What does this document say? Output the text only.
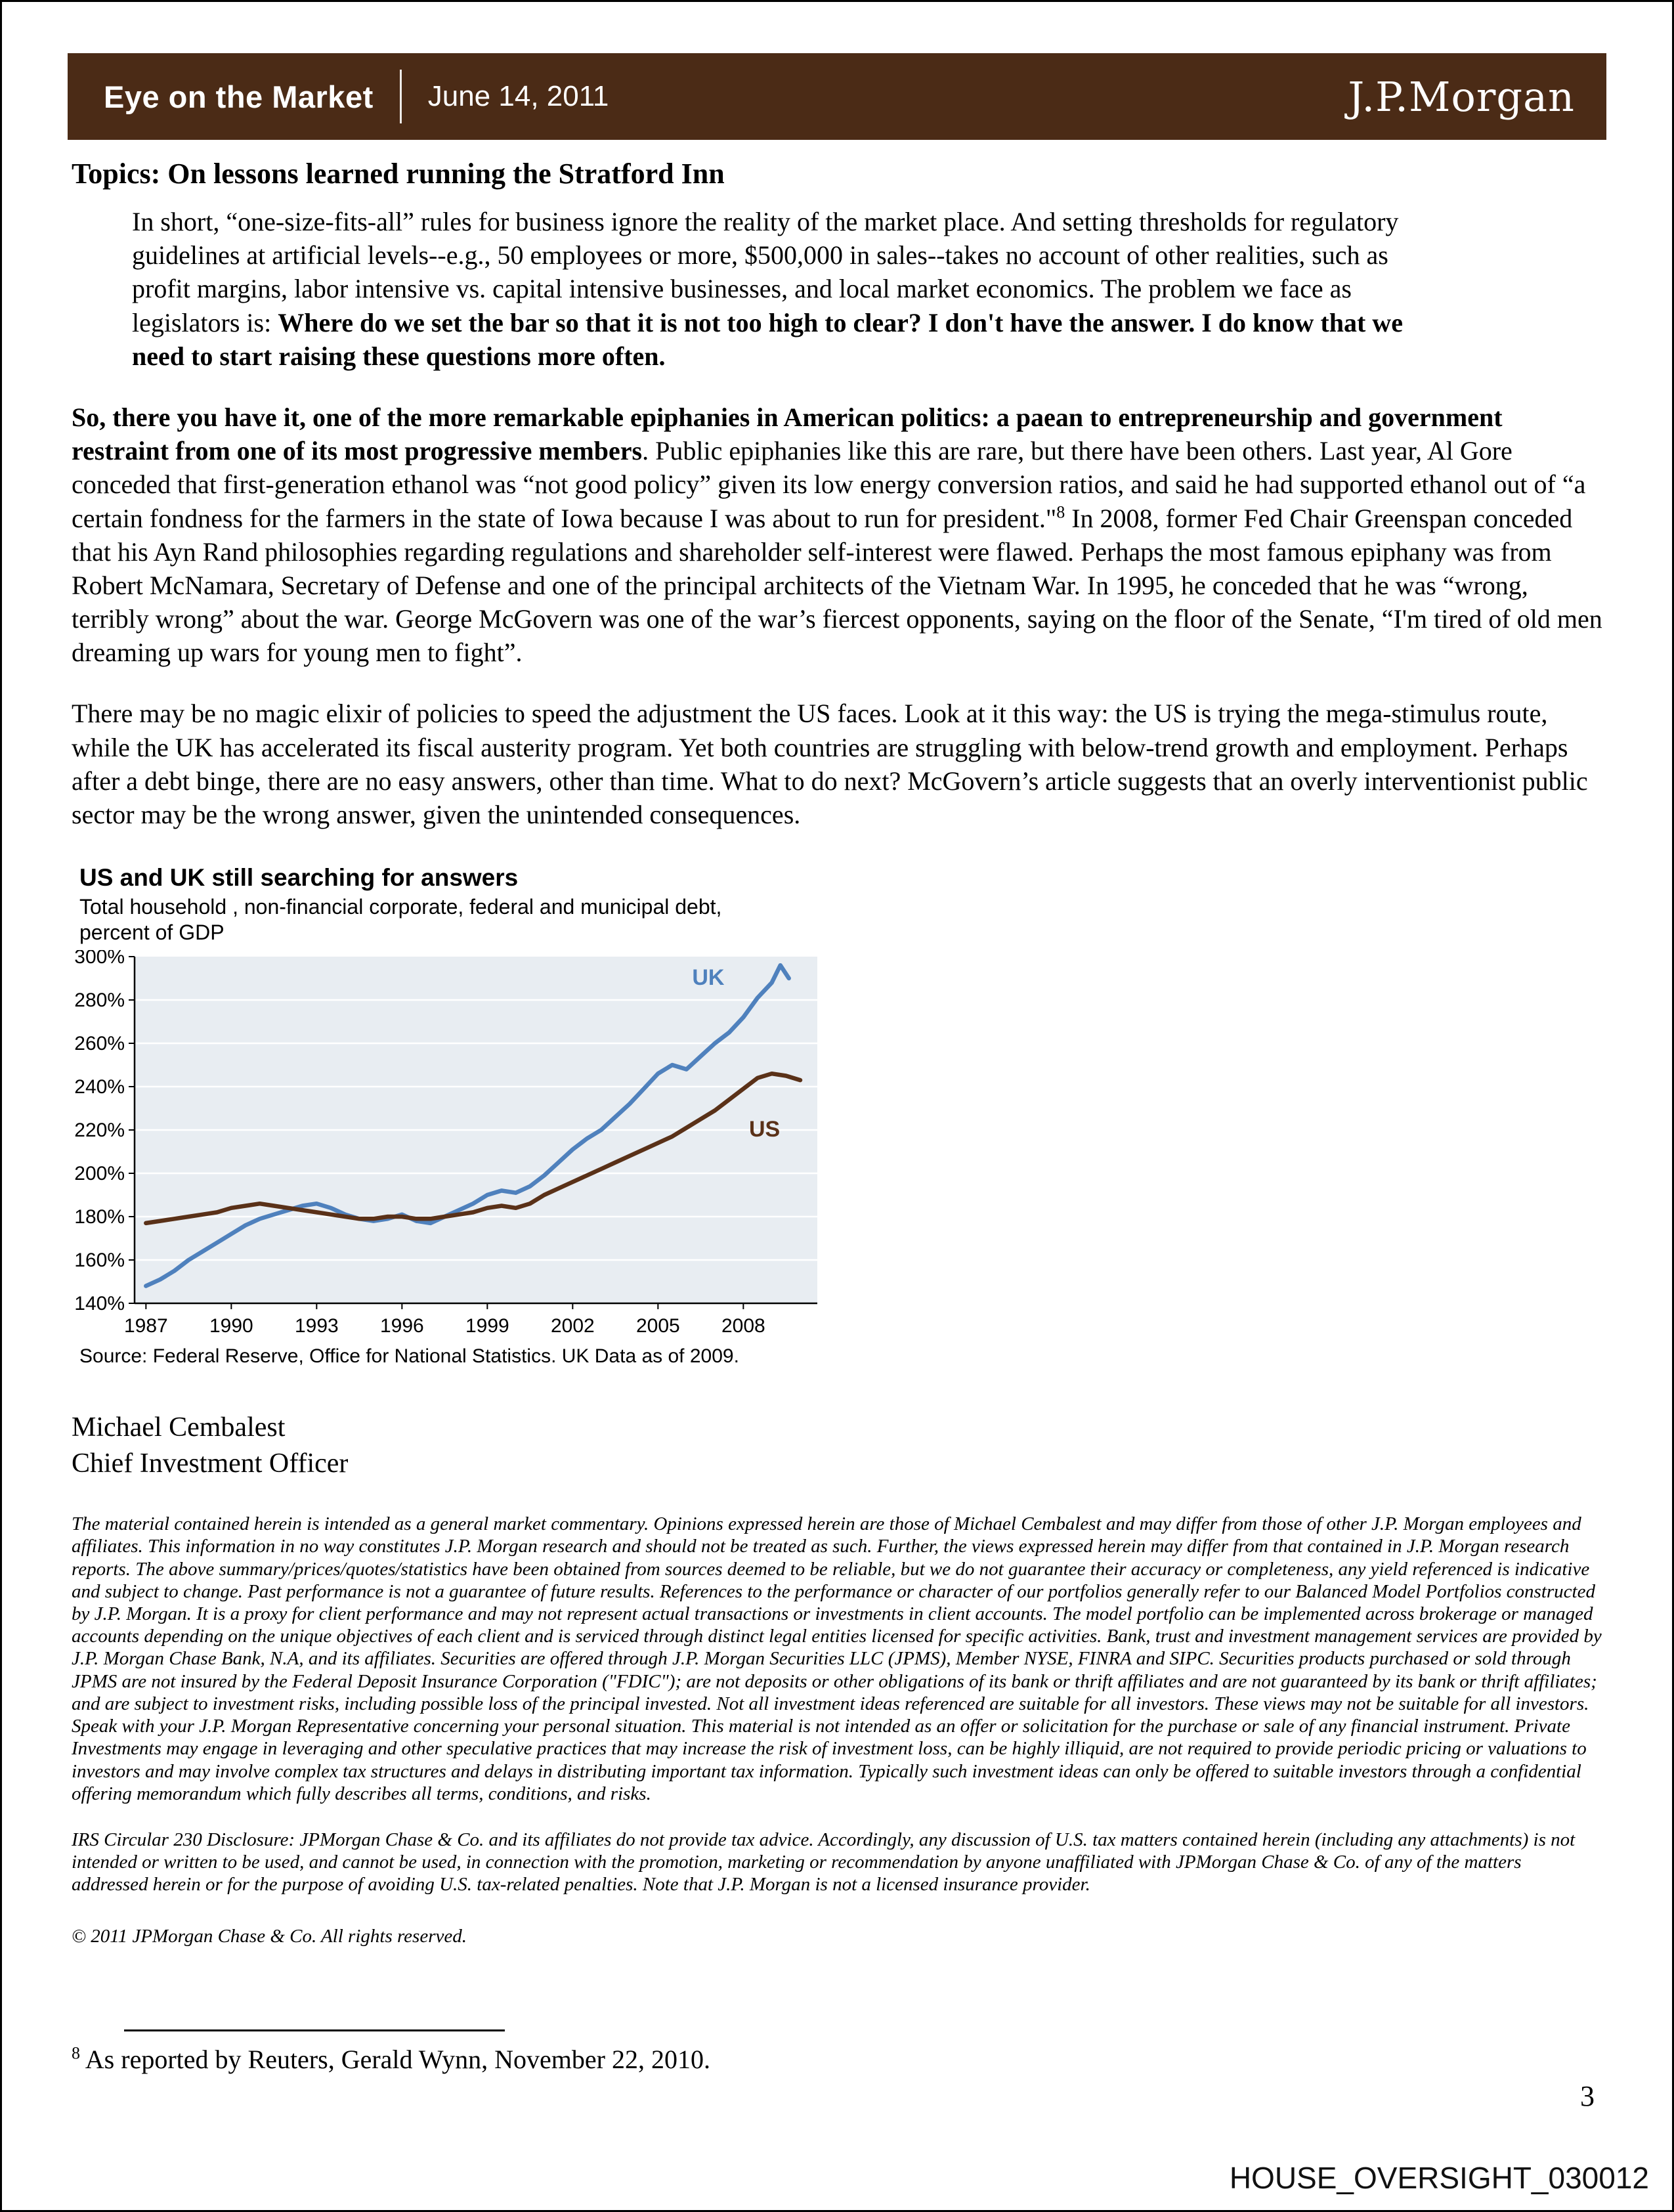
Eye on the Market June 14, 2011	J.P.Morgan
Topics: On lessons learned running the Stratford Inn

In short, “one-size-fits-all” rules for business ignore the reality of the market place. And setting thresholds for regulatory guidelines at artificial levels--e.g., 50 employees or more, $500,000 in sales--takes no account of other realities, such as profit margins, labor intensive vs. capital intensive businesses, and local market economics. The problem we face as legislators is: Where do we set the bar so that it is not too high to clear? I don't have the answer. I do know that we need to start raising these questions more often.

So, there you have it, one of the more remarkable epiphanies in American politics: a paean to entrepreneurship and government restraint from one of its most progressive members. Public epiphanies like this are rare, but there have been others. Last year, Al Gore conceded that first-generation ethanol was “not good policy” given its low energy conversion ratios, and said he had supported ethanol out of “a certain fondness for the farmers in the state of Iowa because I was about to run for president."$^8$ In 2008, former Fed Chair Greenspan conceded that his Ayn Rand philosophies regarding regulations and shareholder self-interest were flawed. Perhaps the most famous epiphany was from Robert McNamara, Secretary of Defense and one of the principal architects of the Vietnam War. In 1995, he conceded that he was “wrong, terribly wrong” about the war. George McGovern was one of the war’s fiercest opponents, saying on the floor of the Senate, “I'm tired of old men dreaming up wars for young men to fight”.

There may be no magic elixir of policies to speed the adjustment the US faces. Look at it this way: the US is trying the mega-stimulus route, while the UK has accelerated its fiscal austerity program. Yet both countries are struggling with below-trend growth and employment. Perhaps after a debt binge, there are no easy answers, other than time. What to do next? McGovern’s article suggests that an overly interventionist public sector may be the wrong answer, given the unintended consequences.

US and UK still searching for answers
Total household , non-financial corporate, federal and municipal debt,
percent of GDP
140%
160%
180%
200%
220%
240%
260%
280%
300%
1987 1990 1993 1996 1999 2002 2005 2008
UK
US
Source: Federal Reserve, Office for National Statistics. UK Data as of 2009.
Michael Cembalest
Chief Investment Officer

The material contained herein is intended as a general market commentary. Opinions expressed herein are those of Michael Cembalest and may differ from those of other J.P. Morgan employees and affiliates. This information in no way constitutes J.P. Morgan research and should not be treated as such. Further, the views expressed herein may differ from that contained in J.P. Morgan research reports. The above summary/prices/quotes/statistics have been obtained from sources deemed to be reliable, but we do not guarantee their accuracy or completeness, any yield referenced is indicative and subject to change. Past performance is not a guarantee of future results. References to the performance or character of our portfolios generally refer to our Balanced Model Portfolios constructed by J.P. Morgan. It is a proxy for client performance and may not represent actual transactions or investments in client accounts. The model portfolio can be implemented across brokerage or managed accounts depending on the unique objectives of each client and is serviced through distinct legal entities licensed for specific activities. Bank, trust and investment management services are provided by J.P. Morgan Chase Bank, N.A, and its affiliates. Securities are offered through J.P. Morgan Securities LLC (JPMS), Member NYSE, FINRA and SIPC. Securities products purchased or sold through JPMS are not insured by the Federal Deposit Insurance Corporation ("FDIC"); are not deposits or other obligations of its bank or thrift affiliates and are not guaranteed by its bank or thrift affiliates; and are subject to investment risks, including possible loss of the principal invested. Not all investment ideas referenced are suitable for all investors. These views may not be suitable for all investors. Speak with your J.P. Morgan Representative concerning your personal situation. This material is not intended as an offer or solicitation for the purchase or sale of any financial instrument. Private Investments may engage in leveraging and other speculative practices that may increase the risk of investment loss, can be highly illiquid, are not required to provide periodic pricing or valuations to investors and may involve complex tax structures and delays in distributing important tax information. Typically such investment ideas can only be offered to suitable investors through a confidential offering memorandum which fully describes all terms, conditions, and risks.

IRS Circular 230 Disclosure: JPMorgan Chase & Co. and its affiliates do not provide tax advice. Accordingly, any discussion of U.S. tax matters contained herein (including any attachments) is not intended or written to be used, and cannot be used, in connection with the promotion, marketing or recommendation by anyone unaffiliated with JPMorgan Chase & Co. of any of the matters addressed herein or for the purpose of avoiding U.S. tax-related penalties. Note that J.P. Morgan is not a licensed insurance provider.

© 2011 JPMorgan Chase & Co. All rights reserved.

$^8$ As reported by Reuters, Gerald Wynn, November 22, 2010.

3
HOUSE_OVERSIGHT_030012
